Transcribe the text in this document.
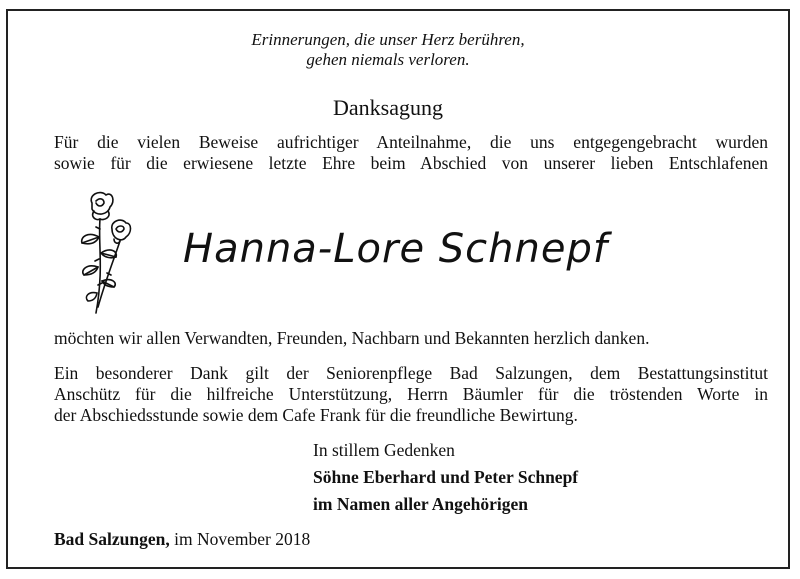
Erinnerungen, die unser Herz berühren,

gehen niemals verloren.

Danksagung

Für die vielen Beweise aufrichtiger Anteilnahme, die uns entgegengebracht wurden

sowie für die erwiesene letzte Ehre beim Abschied von unserer lieben Entschlafenen

Hanna-Lore Schnepf

möchten wir allen Verwandten, Freunden, Nachbarn und Bekannten herzlich danken.

Ein besonderer Dank gilt der Seniorenpflege Bad Salzungen, dem Bestattungsinstitut

Anschütz für die hilfreiche Unterstützung, Herrn Bäumler für die tröstenden Worte in

der Abschiedsstunde sowie dem Cafe Frank für die freundliche Bewirtung.

In stillem Gedenken

Söhne Eberhard und Peter Schnepf

im Namen aller Angehörigen

Bad Salzungen, im November 2018
